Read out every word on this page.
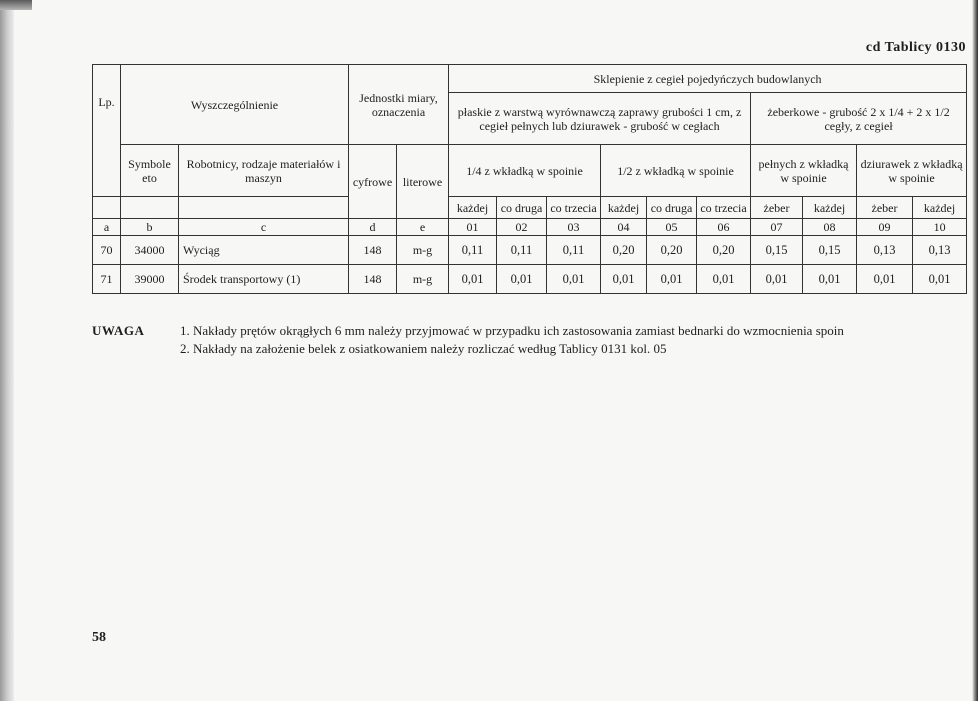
cd Tablicy 0130
Lp.	Wyszczególnienie		Jednostki miary, oznaczenia		Sklepienie z cegieł pojedyńczych budowlanych									
					płaskie z warstwą wyrównawczą zaprawy grubości 1 cm, z cegieł pełnych lub dziurawek - grubość w cegłach						żeberkowe - grubość 2 x 1/4 + 2 x 1/2 cegły, z cegieł			
	Symbole eto	Robotnicy, rodzaje materiałów i maszyn	cyfrowe	literowe	1/4 z wkładką w spoinie			1/2 z wkładką w spoinie			pełnych z wkładką w spoinie		dziurawek z wkładką w spoinie	
					każdej	co druga	co trzecia	każdej	co druga	co trzecia	żeber	każdej	żeber	każdej
a	b	c	d	e	01	02	03	04	05	06	07	08	09	10
70	34000	Wyciąg	148	m-g	0,11	0,11	0,11	0,20	0,20	0,20	0,15	0,15	0,13	0,13
71	39000	Środek transportowy (1)	148	m-g	0,01	0,01	0,01	0,01	0,01	0,01	0,01	0,01	0,01	0,01
UWAGA	1. Nakłady prętów okrągłych 6 mm należy przyjmować w przypadku ich zastosowania zamiast bednarki do wzmocnienia spoin
2. Nakłady na założenie belek z osiatkowaniem należy rozliczać według Tablicy 0131 kol. 05
58
